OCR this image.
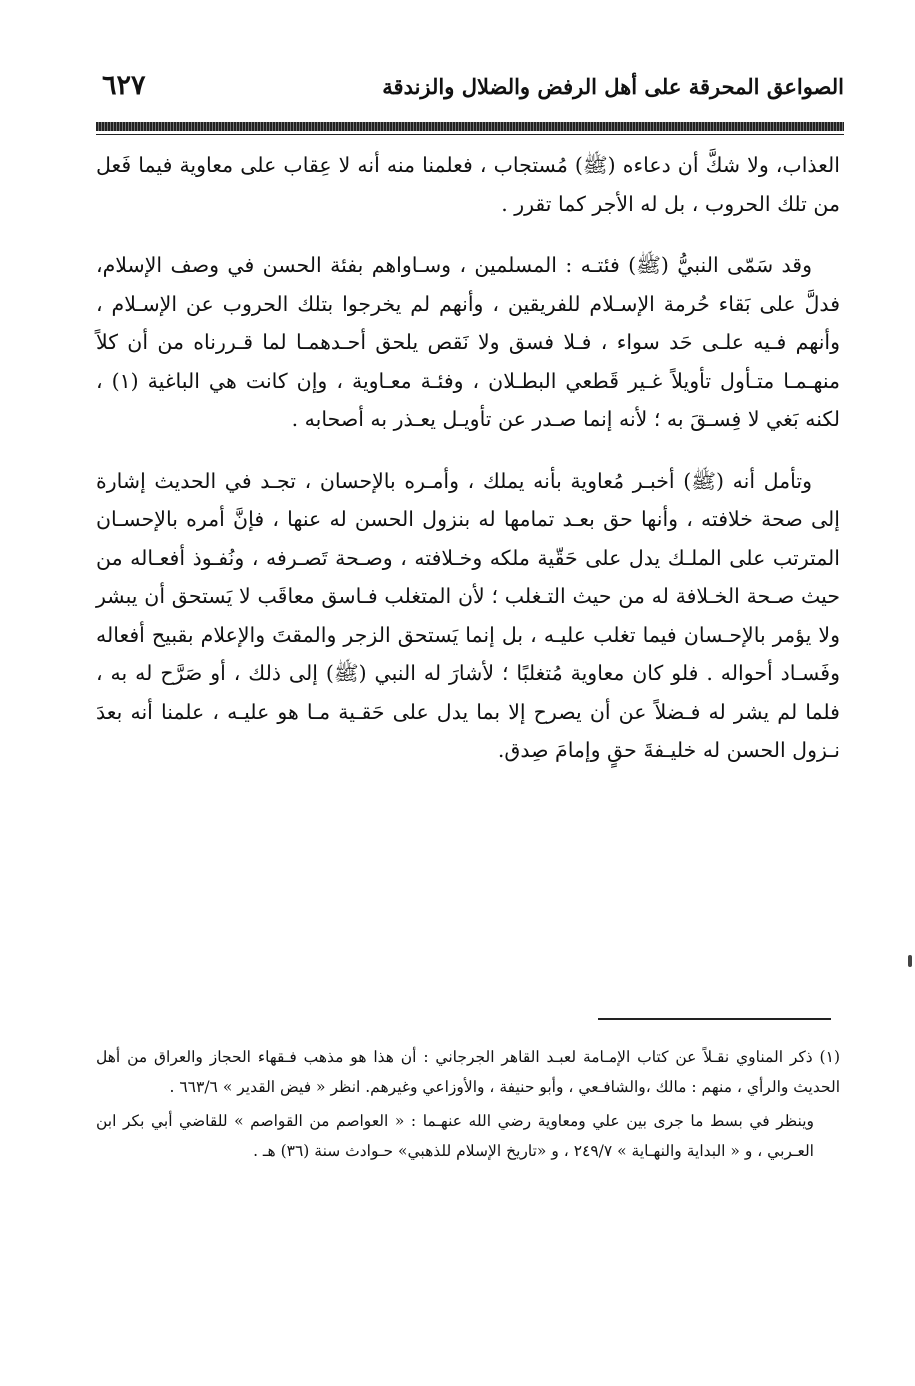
الصواعق المحرقة على أهل الرفض والضلال والزندقة
٦٢٧

العذاب، ولا شكَّ أن دعاءه (ﷺ) مُستجاب ، فعلمنا منه أنه لا عِقاب على معاوية فيما فَعل من تلك الحروب ، بل له الأجر كما تقرر .

وقد سَمّى النبيُّ (ﷺ) فئتـه : المسلمين ، وسـاواهم بفئة الحسن في وصف الإسلام، فدلَّ على بَقاء حُرمة الإسـلام للفريقين ، وأنهم لم يخرجوا بتلك الحروب عن الإسـلام ، وأنهم فـيه علـى حَد سواء ، فـلا فسق ولا نَقص يلحق أحـدهمـا لما قـررناه من أن كلاً منهـمـا متـأول تأويلاً غـير قَطعي البطـلان ، وفئـة معـاوية ، وإن كانت هي الباغية (١) ، لكنه بَغي لا فِسـقَ به ؛ لأنه إنما صـدر عن تأويـل يعـذر به أصحابه .

وتأمل أنه (ﷺ) أخبـر مُعاوية بأنه يملك ، وأمـره بالإحسان ، تجـد في الحديث إشارة إلى صحة خلافته ، وأنها حق بعـد تمامها له بنزول الحسن له عنها ، فإنَّ أمره بالإحسـان المترتب على الملـك يدل على حَقّية ملكه وخـلافته ، وصـحة تَصـرفه ، ونُفـوذ أفعـاله من حيث صـحة الخـلافة له من حيث التـغلب ؛ لأن المتغلب فـاسق معاقَب لا يَستحق أن يبشر ولا يؤمر بالإحـسان فيما تغلب عليـه ، بل إنما يَستحق الزجر والمقتَ والإعلام بقبيح أفعاله وفَسـاد أحواله . فلو كان معاوية مُتغلبًا ؛ لأشارَ له النبي (ﷺ) إلى ذلك ، أو صَرَّح له به ، فلما لم يشر له فـضلاً عن أن يصرح إلا بما يدل على حَقـية مـا هو عليـه ، علمنا أنه بعدَ نـزول الحسن له خليـفةَ حقٍ وإمامَ صِدق.

(١) ذكر المناوي نقـلاً عن كتاب الإمـامة لعبـد القاهر الجرجاني : أن هذا هو مذهب فـقهاء الحجاز والعراق من أهل الحديث والرأي ، منهم : مالك ،والشافـعي ، وأبو حنيفة ، والأوزاعي وغيرهم. انظر « فيض القدير » ٦٦٣/٦ .

وينظر في بسط ما جرى بين علي ومعاوية رضي الله عنهـما : « العواصم من القواصم » للقاضي أبي بكر ابن العـربي ، و « البداية والنهـاية » ٢٤٩/٧ ، و «تاريخ الإسلام للذهبي» حـوادث سنة (٣٦) هـ .
